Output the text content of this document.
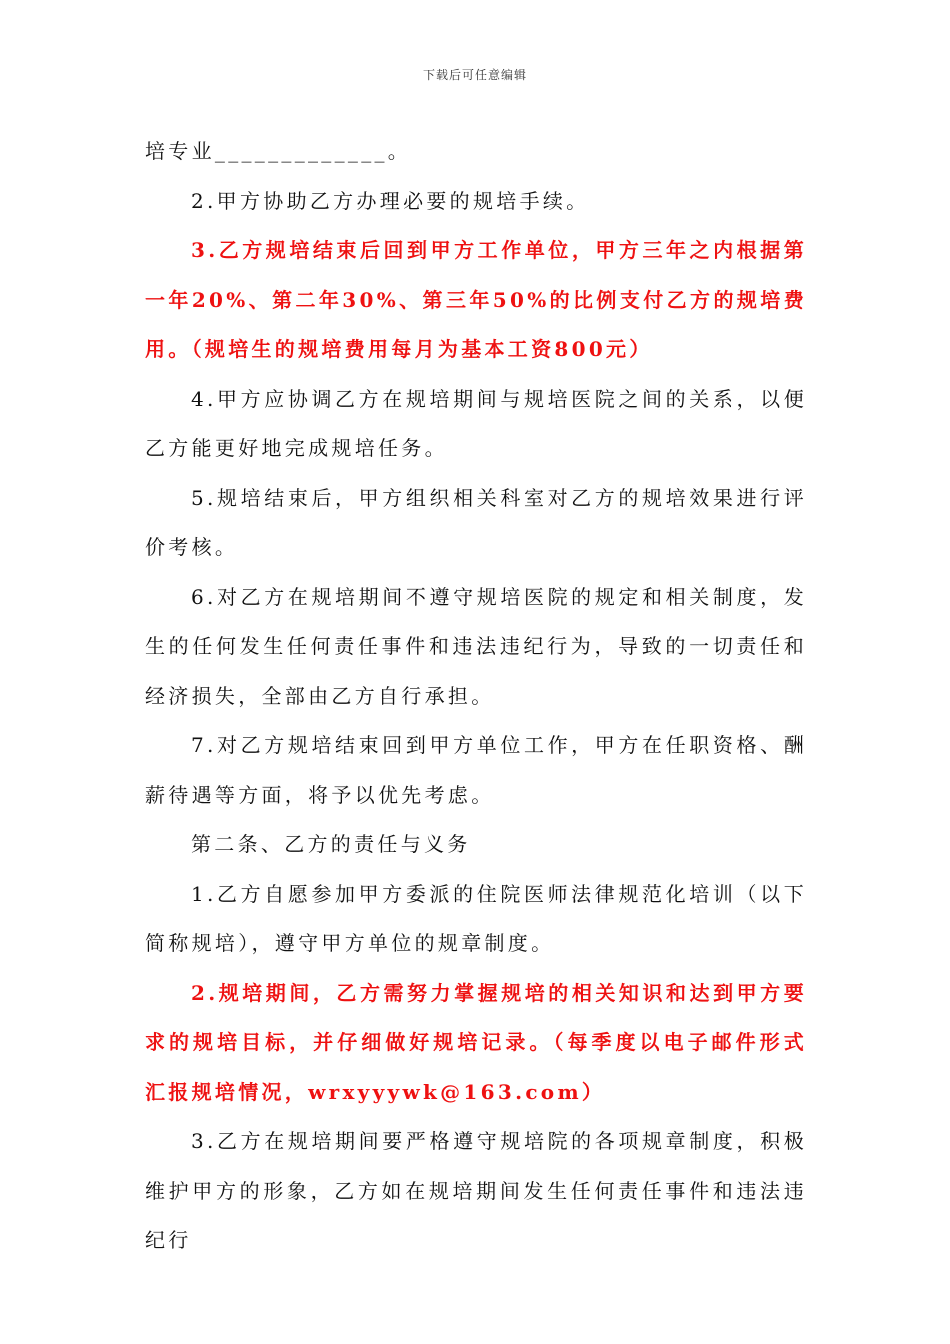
下载后可任意编辑

培专业_____________。

2.甲方协助乙方办理必要的规培手续。

3.乙方规培结束后回到甲方工作单位，甲方三年之内根据第一年20%、第二年30%、第三年50%的比例支付乙方的规培费用。（规培生的规培费用每月为基本工资800元）

4.甲方应协调乙方在规培期间与规培医院之间的关系，以便乙方能更好地完成规培任务。

5.规培结束后，甲方组织相关科室对乙方的规培效果进行评价考核。

6.对乙方在规培期间不遵守规培医院的规定和相关制度，发生的任何发生任何责任事件和违法违纪行为，导致的一切责任和经济损失，全部由乙方自行承担。

7.对乙方规培结束回到甲方单位工作，甲方在任职资格、酬薪待遇等方面，将予以优先考虑。

第二条、乙方的责任与义务

1.乙方自愿参加甲方委派的住院医师法律规范化培训（以下简称规培），遵守甲方单位的规章制度。

2.规培期间，乙方需努力掌握规培的相关知识和达到甲方要求的规培目标，并仔细做好规培记录。（每季度以电子邮件形式汇报规培情况，wrxyyywk@163.com）

3.乙方在规培期间要严格遵守规培院的各项规章制度，积极维护甲方的形象，乙方如在规培期间发生任何责任事件和违法违纪行
